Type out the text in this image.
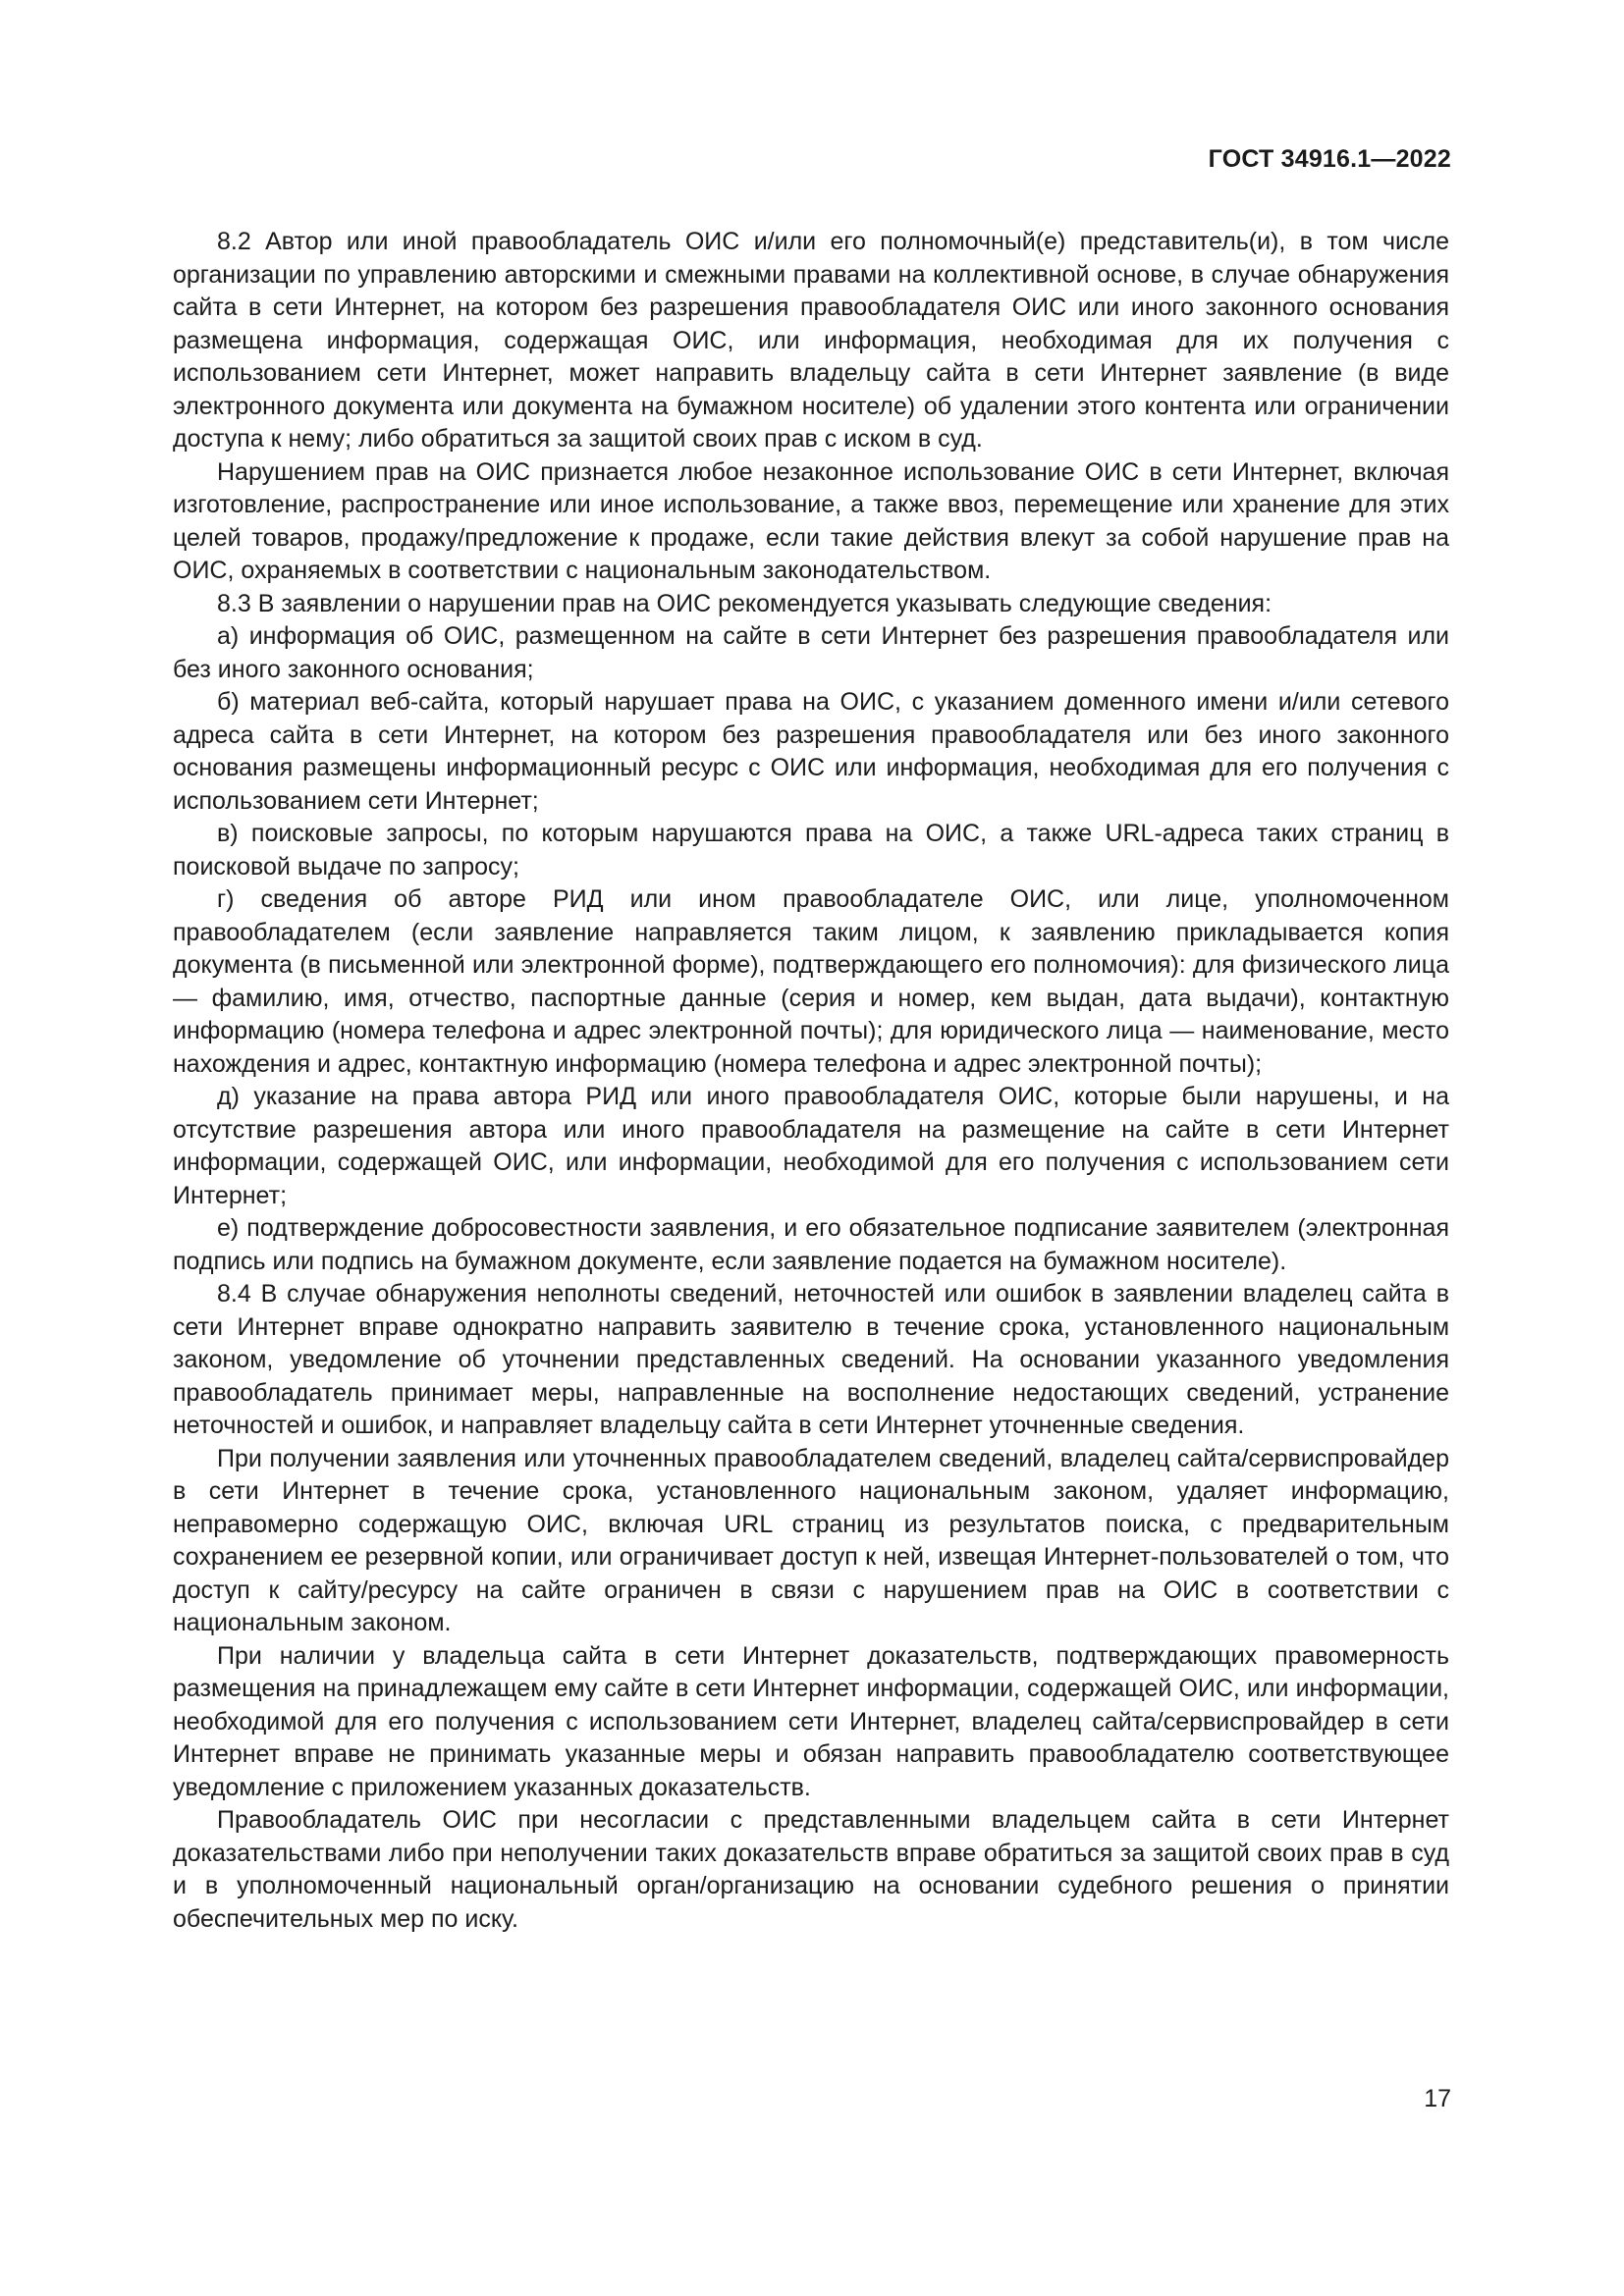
ГОСТ 34916.1—2022

8.2 Автор или иной правообладатель ОИС и/или его полномочный(е) представитель(и), в том числе организации по управлению авторскими и смежными правами на коллективной основе, в случае обнаружения сайта в сети Интернет, на котором без разрешения правообладателя ОИС или иного законного основания размещена информация, содержащая ОИС, или информация, необходимая для их получения с использованием сети Интернет, может направить владельцу сайта в сети Интернет заявление (в виде электронного документа или документа на бумажном носителе) об удалении этого контента или ограничении доступа к нему; либо обратиться за защитой своих прав с иском в суд.

Нарушением прав на ОИС признается любое незаконное использование ОИС в сети Интернет, включая изготовление, распространение или иное использование, а также ввоз, перемещение или хранение для этих целей товаров, продажу/предложение к продаже, если такие действия влекут за собой нарушение прав на ОИС, охраняемых в соответствии с национальным законодательством.

8.3 В заявлении о нарушении прав на ОИС рекомендуется указывать следующие сведения:

а) информация об ОИС, размещенном на сайте в сети Интернет без разрешения правообладателя или без иного законного основания;

б) материал веб-сайта, который нарушает права на ОИС, с указанием доменного имени и/или сетевого адреса сайта в сети Интернет, на котором без разрешения правообладателя или без иного законного основания размещены информационный ресурс с ОИС или информация, необходимая для его получения с использованием сети Интернет;

в) поисковые запросы, по которым нарушаются права на ОИС, а также URL-адреса таких страниц в поисковой выдаче по запросу;

г) сведения об авторе РИД или ином правообладателе ОИС, или лице, уполномоченном правообладателем (если заявление направляется таким лицом, к заявлению прикладывается копия документа (в письменной или электронной форме), подтверждающего его полномочия): для физического лица — фамилию, имя, отчество, паспортные данные (серия и номер, кем выдан, дата выдачи), контактную информацию (номера телефона и адрес электронной почты); для юридического лица — наименование, место нахождения и адрес, контактную информацию (номера телефона и адрес электронной почты);

д) указание на права автора РИД или иного правообладателя ОИС, которые были нарушены, и на отсутствие разрешения автора или иного правообладателя на размещение на сайте в сети Интернет информации, содержащей ОИС, или информации, необходимой для его получения с использованием сети Интернет;

е) подтверждение добросовестности заявления, и его обязательное подписание заявителем (электронная подпись или подпись на бумажном документе, если заявление подается на бумажном носителе).

8.4 В случае обнаружения неполноты сведений, неточностей или ошибок в заявлении владелец сайта в сети Интернет вправе однократно направить заявителю в течение срока, установленного национальным законом, уведомление об уточнении представленных сведений. На основании указанного уведомления правообладатель принимает меры, направленные на восполнение недостающих сведений, устранение неточностей и ошибок, и направляет владельцу сайта в сети Интернет уточненные сведения.

При получении заявления или уточненных правообладателем сведений, владелец сайта/сервиспровайдер в сети Интернет в течение срока, установленного национальным законом, удаляет информацию, неправомерно содержащую ОИС, включая URL страниц из результатов поиска, с предварительным сохранением ее резервной копии, или ограничивает доступ к ней, извещая Интернет-пользователей о том, что доступ к сайту/ресурсу на сайте ограничен в связи с нарушением прав на ОИС в соответствии с национальным законом.

При наличии у владельца сайта в сети Интернет доказательств, подтверждающих правомерность размещения на принадлежащем ему сайте в сети Интернет информации, содержащей ОИС, или информации, необходимой для его получения с использованием сети Интернет, владелец сайта/сервиспровайдер в сети Интернет вправе не принимать указанные меры и обязан направить правообладателю соответствующее уведомление с приложением указанных доказательств.

Правообладатель ОИС при несогласии с представленными владельцем сайта в сети Интернет доказательствами либо при неполучении таких доказательств вправе обратиться за защитой своих прав в суд и в уполномоченный национальный орган/организацию на основании судебного решения о принятии обеспечительных мер по иску.

17
